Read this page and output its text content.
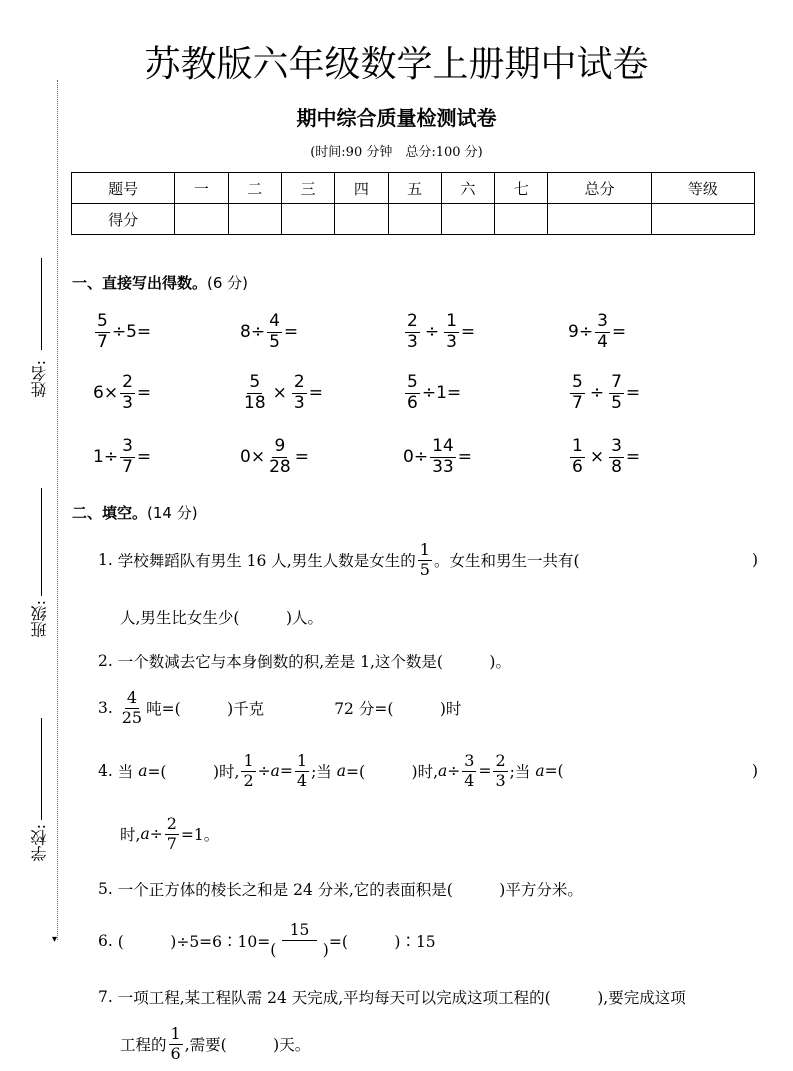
苏教版六年级数学上册期中试卷
期中综合质量检测试卷
(时间:90 分钟　总分:100 分)
姓名:
班级:
学校:
▾
题号	一	二	三	四	五	六	七	总分	等级
得分									
一、直接写出得数。(6 分)
$\frac{5}{7} \div 5=$	$8\div \frac{4}{5}$ =	$\frac{2}{3} \div \frac{1}{3}$ =	$9\div \frac{3}{4}$ =
$6\times \frac{2}{3}$ =	$\frac{5}{18} \times \frac{2}{3}$ =	$\frac{5}{6} \div 1=$	$\frac{5}{7} \div \frac{7}{5}$ =
$1\div \frac{3}{7}$ =	$0\times \frac{9}{28}$ =	$0\div \frac{14}{33}$ =	$\frac{1}{6} \times \frac{3}{8}$ =
二、填空。(14 分)
1.
学校舞蹈队有男生 16 人,男生人数是女生的 $\frac{1}{5}$ 。女生和男生一共有(	)
人,男生比女生少(　　　)人。
2.
一个数减去它与本身倒数的积,差是 1,这个数是(　　　)。
3.
$\frac{4}{25}$ 吨=(　　　)千克	72 分=(　　　)时
4.
当
a =(　　　)时, $\frac{1}{2} \div a = \frac{1}{4}$ ;当
a =(　　　)时, $a \div \frac{3}{4} = \frac{2}{3}$ ;当
a =(	)
时, $a \div \frac{2}{7} =1$。
5.
一个正方体的棱长之和是 24 分米,它的表面积是(　　　)平方分米。
6.
(　　　)÷5=6∶10= $\frac{15}{( )}$ =(　　　)∶15
7.
一项工程,某工程队需 24 天完成,平均每天可以完成这项工程的(　　　),要完成这项
工程的 $\frac{1}{6}$ ,需要(　　　)天。
